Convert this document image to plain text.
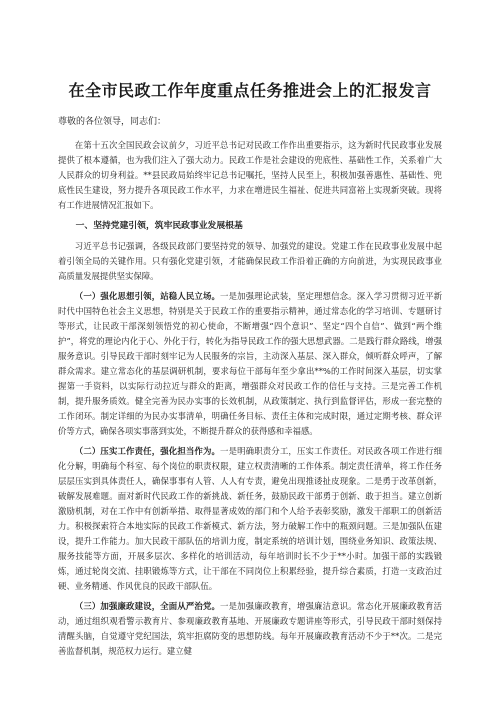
在全市民政工作年度重点任务推进会上的汇报发言

尊敬的各位领导，同志们：

在第十五次全国民政会议前夕，习近平总书记对民政工作作出重要指示，这为新时代民政事业发展提供了根本遵循，也为我们注入了强大动力。民政工作是社会建设的兜底性、基础性工作，关系着广大人民群众的切身利益。**县民政局始终牢记总书记嘱托，坚持人民至上，积极加强善惠性、基础性、兜底性民生建设，努力提升各项民政工作水平，力求在增进民生福祉、促进共同富裕上实现新突破。现将有工作进展情况汇报如下。

一、坚持党建引领，筑牢民政事业发展根基

习近平总书记强调，各级民政部门要坚持党的领导、加强党的建设。党建工作在民政事业发展中起着引领全局的关键作用。只有强化党建引领，才能确保民政工作沿着正确的方向前进，为实现民政事业高质量发展提供坚实保障。

（一）强化思想引领，站稳人民立场。一是加强理论武装，坚定理想信念。深入学习贯彻习近平新时代中国特色社会主义思想，特别是关于民政工作的重要指示精神，通过常态化的学习培训、专题研讨等形式，让民政干部深刻领悟党的初心使命，不断增强“四个意识”、坚定“四个自信”、做到“两个维护”，将党的理论内化于心、外化于行，转化为指导民政工作的强大思想武器。二是践行群众路线，增强服务意识。引导民政干部时刻牢记为人民服务的宗旨，主动深入基层、深入群众，倾听群众呼声，了解群众需求。建立常态化的基层调研机制，要求每位干部每年至少拿出**%的工作时间深入基层，切实掌握第一手资料，以实际行动拉近与群众的距离，增强群众对民政工作的信任与支持。三是完善工作机制，提升服务质效。健全完善为民办实事的长效机制，从政策制定、执行到监督评估，形成一套完整的工作闭环。制定详细的为民办实事清单，明确任务目标、责任主体和完成时限，通过定期考核、群众评价等方式，确保各项实事落到实处，不断提升群众的获得感和幸福感。

（二）压实工作责任，强化担当作为。一是明确职责分工，压实工作责任。对民政各项工作进行细化分解，明确每个科室、每个岗位的职责权限，建立权责清晰的工作体系。制定责任清单，将工作任务层层压实到具体责任人，确保事事有人管、人人有专责，避免出现推诿扯皮现象。二是勇于改革创新，破解发展难题。面对新时代民政工作的新挑战、新任务，鼓励民政干部勇于创新、敢于担当。建立创新激励机制，对在工作中有创新举措、取得显著成效的部门和个人给予表彰奖励，激发干部职工的创新活力。积极探索符合本地实际的民政工作新模式、新方法，努力破解工作中的瓶颈问题。三是加强队伍建设，提升工作能力。加大民政干部队伍的培训力度，制定系统的培训计划，围绕业务知识、政策法规、服务技能等方面，开展多层次、多样化的培训活动，每年培训时长不少于**小时。加强干部的实践锻炼，通过轮岗交流、挂职锻炼等方式，让干部在不同岗位上积累经验，提升综合素质，打造一支政治过硬、业务精通、作风优良的民政干部队伍。

（三）加强廉政建设，全面从严治党。一是加强廉政教育，增强廉洁意识。常态化开展廉政教育活动，通过组织观看警示教育片、参观廉政教育基地、开展廉政专题讲座等形式，引导民政干部时刻保持清醒头脑，自觉遵守党纪国法，筑牢拒腐防变的思想防线。每年开展廉政教育活动不少于**次。二是完善监督机制，规范权力运行。建立健
